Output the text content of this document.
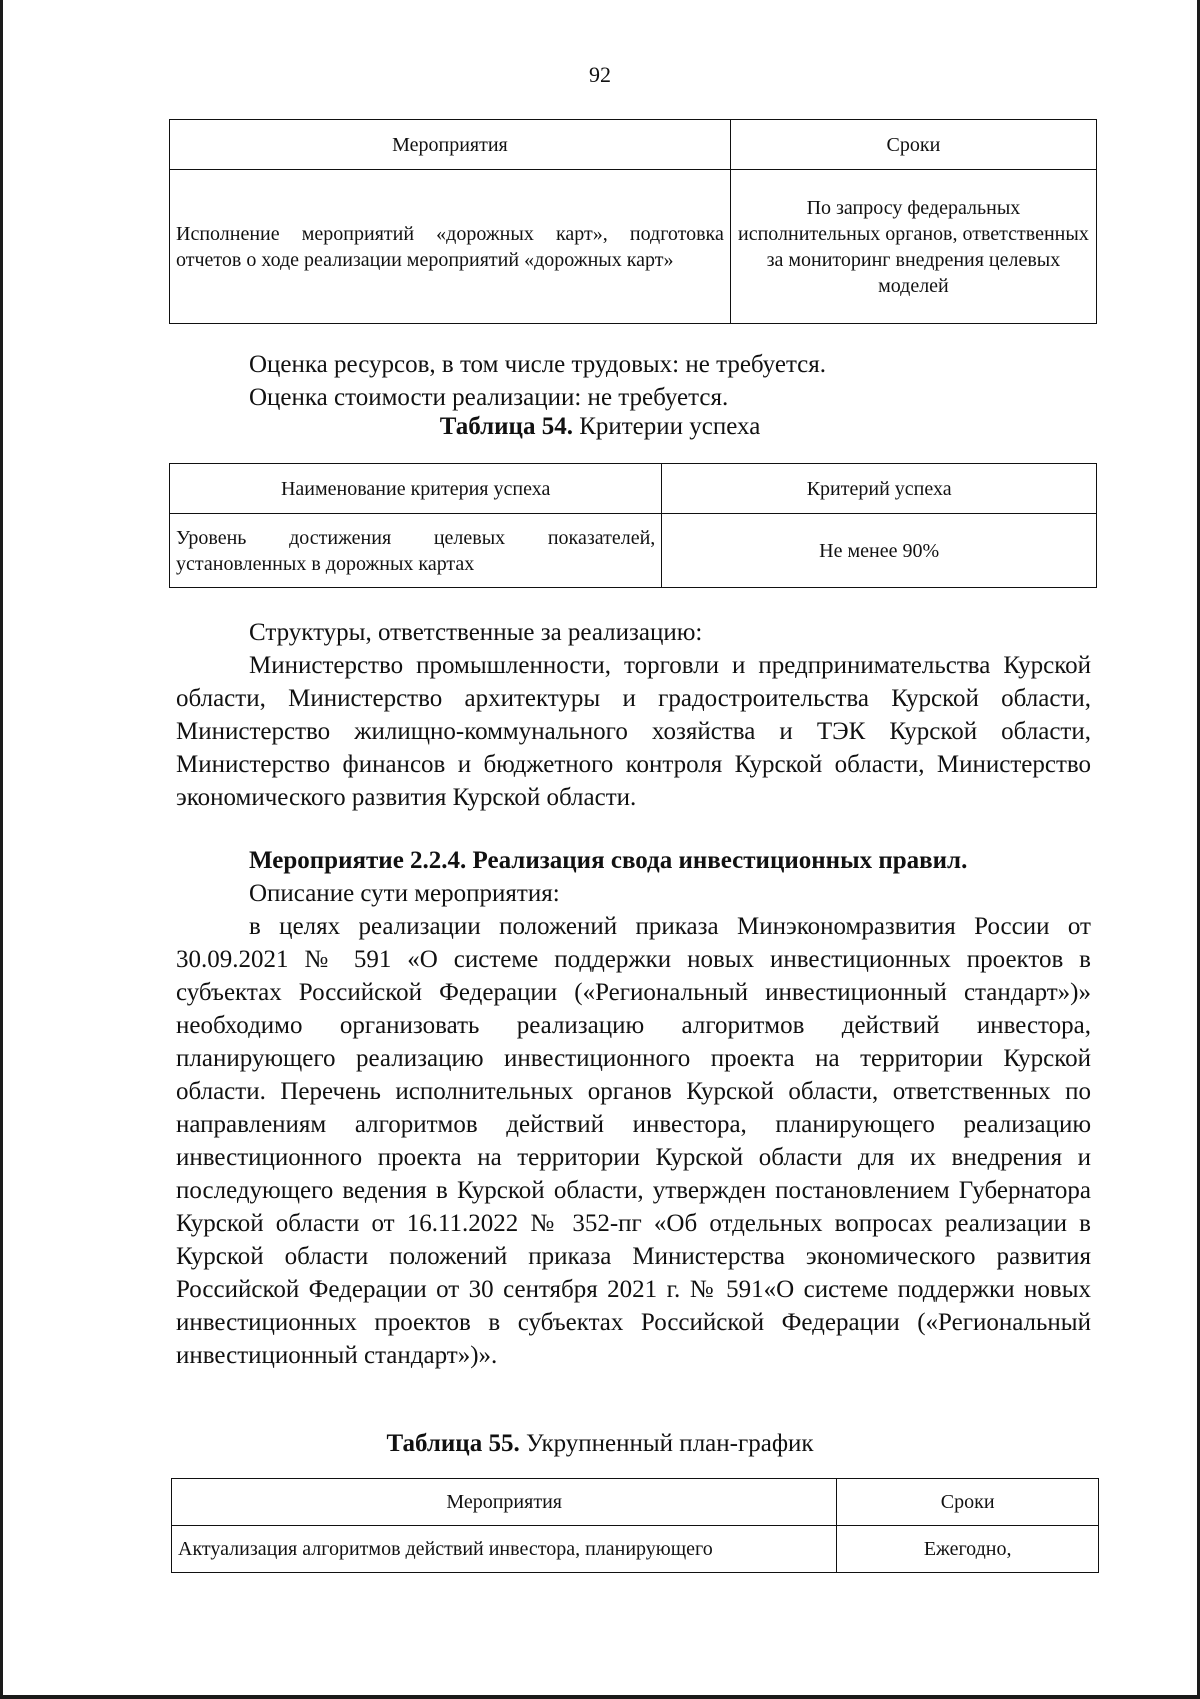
92
Мероприятия	Сроки
Исполнение мероприятий «дорожных карт», подготовка отчетов о ходе реализации мероприятий «дорожных карт»	По запросу федеральных исполнительных органов, ответственных за мониторинг внедрения целевых моделей
Оценка ресурсов, в том числе трудовых: не требуется.
Оценка стоимости реализации: не требуется.
Таблица 54. Критерии успеха
Наименование критерия успеха	Критерий успеха
Уровень достижения целевых показателей, установленных в дорожных картах	Не менее 90%
Структуры, ответственные за реализацию:

Министерство промышленности, торговли и предпринимательства Курской области, Министерство архитектуры и градостроительства Курской области, Министерство жилищно-коммунального хозяйства и ТЭК Курской области, Министерство финансов и бюджетного контроля Курской области, Министерство экономического развития Курской области.

Мероприятие 2.2.4. Реализация свода инвестиционных правил.
Описание сути мероприятия:

в целях реализации положений приказа Минэкономразвития России от 30.09.2021 № 591 «О системе поддержки новых инвестиционных проектов в субъектах Российской Федерации («Региональный инвестиционный стандарт»)» необходимо организовать реализацию алгоритмов действий инвестора, планирующего реализацию инвестиционного проекта на территории Курской области. Перечень исполнительных органов Курской области, ответственных по направлениям алгоритмов действий инвестора, планирующего реализацию инвестиционного проекта на территории Курской области для их внедрения и последующего ведения в Курской области, утвержден постановлением Губернатора Курской области от 16.11.2022 № 352-пг «Об отдельных вопросах реализации в Курской области положений приказа Министерства экономического развития Российской Федерации от 30 сентября 2021 г. № 591«О системе поддержки новых инвестиционных проектов в субъектах Российской Федерации («Региональный инвестиционный стандарт»)».

Таблица 55. Укрупненный план-график
Мероприятия	Сроки
Актуализация алгоритмов действий инвестора, планирующего	Ежегодно,
